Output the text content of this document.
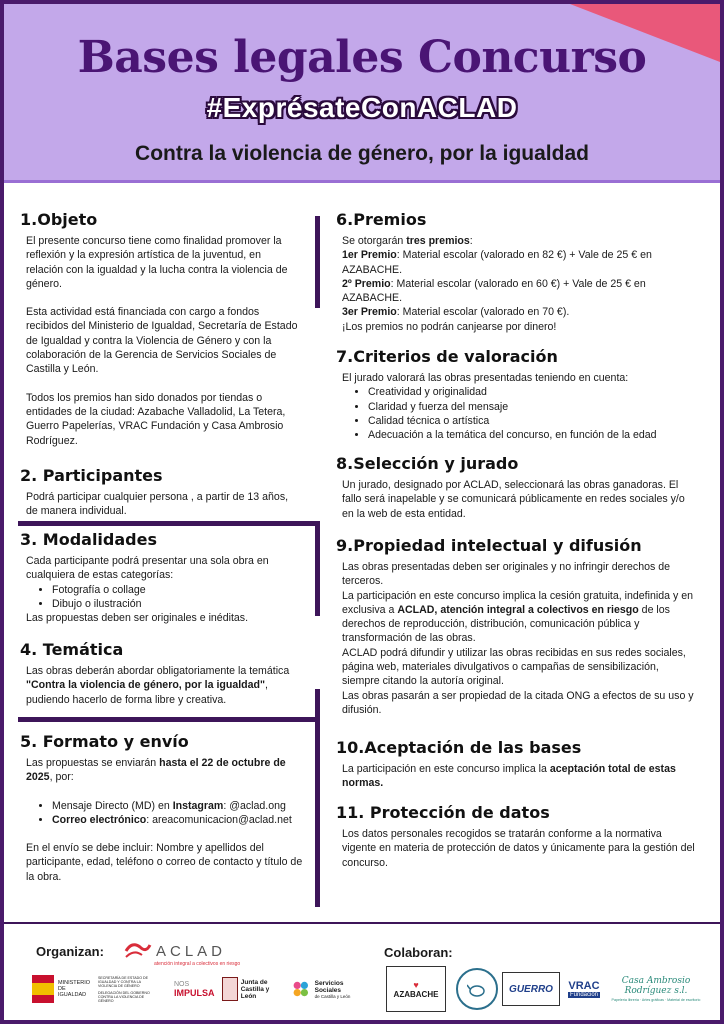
Bases legales Concurso
#ExprésateConACLAD
Contra la violencia de género, por la igualdad
1.Objeto

El presente concurso tiene como finalidad promover la reflexión y la expresión artística de la juventud, en relación con la igualdad y la lucha contra la violencia de género.

Esta actividad está financiada con cargo a fondos recibidos del Ministerio de Igualdad, Secretaría de Estado de Igualdad y contra la Violencia de Género y con la colaboración de la Gerencia de Servicios Sociales de Castilla y León.

Todos los premios han sido donados por tiendas o entidades de la ciudad: Azabache Valladolid, La Tetera, Guerro Papelerías, VRAC Fundación y Casa Ambrosio Rodríguez.

2. Participantes

Podrá participar cualquier persona , a partir de 13 años, de manera individual.

3. Modalidades

Cada participante podrá presentar una sola obra en cualquiera de estas categorías:

• Fotografía o collage
• Dibujo o ilustración

Las propuestas deben ser originales e inéditas.

4. Temática

Las obras deberán abordar obligatoriamente la temática "Contra la violencia de género, por la igualdad", pudiendo hacerlo de forma libre y creativa.

5. Formato y envío

Las propuestas se enviarán hasta el 22 de octubre de 2025, por:

• Mensaje Directo (MD) en Instagram: @aclad.ong
• Correo electrónico: areacomunicacion@aclad.net

En el envío se debe incluir: Nombre y apellidos del participante, edad, teléfono o correo de contacto y título de la obra.

6.Premios

Se otorgarán tres premios:

1er Premio: Material escolar (valorado en 82 €) + Vale de 25 € en AZABACHE.

2º Premio: Material escolar (valorado en 60 €) + Vale de 25 € en AZABACHE.

3er Premio: Material escolar (valorado en 70 €).

¡Los premios no podrán canjearse por dinero!

7.Criterios de valoración

El jurado valorará las obras presentadas teniendo en cuenta:

• Creatividad y originalidad
• Claridad y fuerza del mensaje
• Calidad técnica o artística
• Adecuación a la temática del concurso, en función de la edad
8.Selección y jurado

Un jurado, designado por ACLAD, seleccionará las obras ganadoras. El fallo será inapelable y se comunicará públicamente en redes sociales y/o en la web de esta entidad.

9.Propiedad intelectual y difusión

Las obras presentadas deben ser originales y no infringir derechos de terceros.

La participación en este concurso implica la cesión gratuita, indefinida y en exclusiva a ACLAD, atención integral a colectivos en riesgo de los derechos de reproducción, distribución, comunicación pública y transformación de las obras.

ACLAD podrá difundir y utilizar las obras recibidas en sus redes sociales, página web, materiales divulgativos o campañas de sensibilización, siempre citando la autoría original.

Las obras pasarán a ser propiedad de la citada ONG a efectos de su uso y difusión.

10.Aceptación de las bases

La participación en este concurso implica la aceptación total de estas normas.

11. Protección de datos

Los datos personales recogidos se tratarán conforme a la normativa vigente en materia de protección de datos y únicamente para la gestión del concurso.

Organizan:	Colaboran:
ACLAD
atención integral a colectivos en riesgo
MINISTERIO DE IGUALDAD
SECRETARÍA DE ESTADO DE IGUALDAD Y CONTRA LA VIOLENCIA DE GÉNERO
DELEGACIÓN DEL GOBIERNO CONTRA LA VIOLENCIA DE GÉNERO
NOS
IMPULSA
Junta de Castilla y León
Servicios Sociales
de Castilla y León
♥
AZABACHE	GUERRO VRAC
Fundación
Casa Ambrosio Rodríguez s.l.
Papelería librería · Artes gráficas · Material de escritorio
